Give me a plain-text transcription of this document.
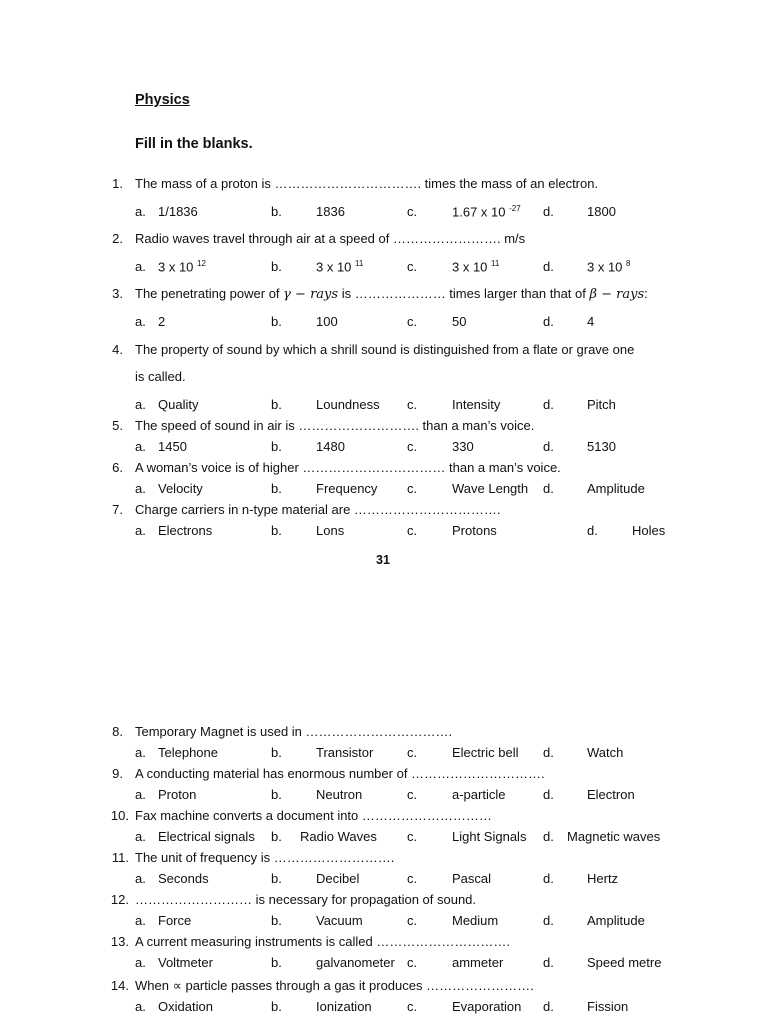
Physics
Fill in the blanks.
1. The mass of a proton is ……………………………. times the mass of an electron.
a. 1/1836	b.	1836	c.	1.67 x 10 $^{-27}$ d.	1800
2. Radio waves travel through air at a speed of ……………………. m/s
a. 3 x 10 $^{12}$	b.	3 x 10 $^{11}$	c.	3 x 10 $^{11}$	d.	3 x 10 $^8$
3. The penetrating power of γ − rays is ………………… times larger than that of β − rays:
a. 2	b.	100	c.	50	d.	4
4. The property of sound by which a shrill sound is distinguished from a flate or grave one
is called.
a. Quality	b.	Loundness c.	Intensity	d.	Pitch
5. The speed of sound in air is ………………………. than a man’s voice.
a. 1450	b.	1480	c.	330	d.	5130
6. A woman’s voice is of higher …………………………… than a man’s voice.
a. Velocity	b.	Frequency c.	Wave Length d.	Amplitude
7. Charge carriers in n-type material are …………………………….
a. Electrons	b.	Lons	c.	Protons	d.	Holes
31
8. Temporary Magnet is used in …………………………….
a. Telephone	b.	Transistor	c.	Electric bell d.	Watch
9. A conducting material has enormous number of ………………………….
a. Proton	b.	Neutron	c.	a-particle	d.	Electron
10. Fax machine converts a document into …………………………
a. Electrical signals b. Radio Waves c.	Light Signals d. Magnetic waves
11. The unit of frequency is ……………………….
a. Seconds	b.	Decibel	c.	Pascal	d.	Hertz
12. ……………………… is necessary for propagation of sound.
a. Force	b.	Vacuum	c.	Medium	d.	Amplitude
13. A current measuring instruments is called ………………………….
a. Voltmeter	b.	galvanometer c.	ammeter	d.	Speed metre
14. When ∝ particle passes through a gas it produces …………………….
a. Oxidation	b.	Ionization	c.	Evaporation d.	Fission
